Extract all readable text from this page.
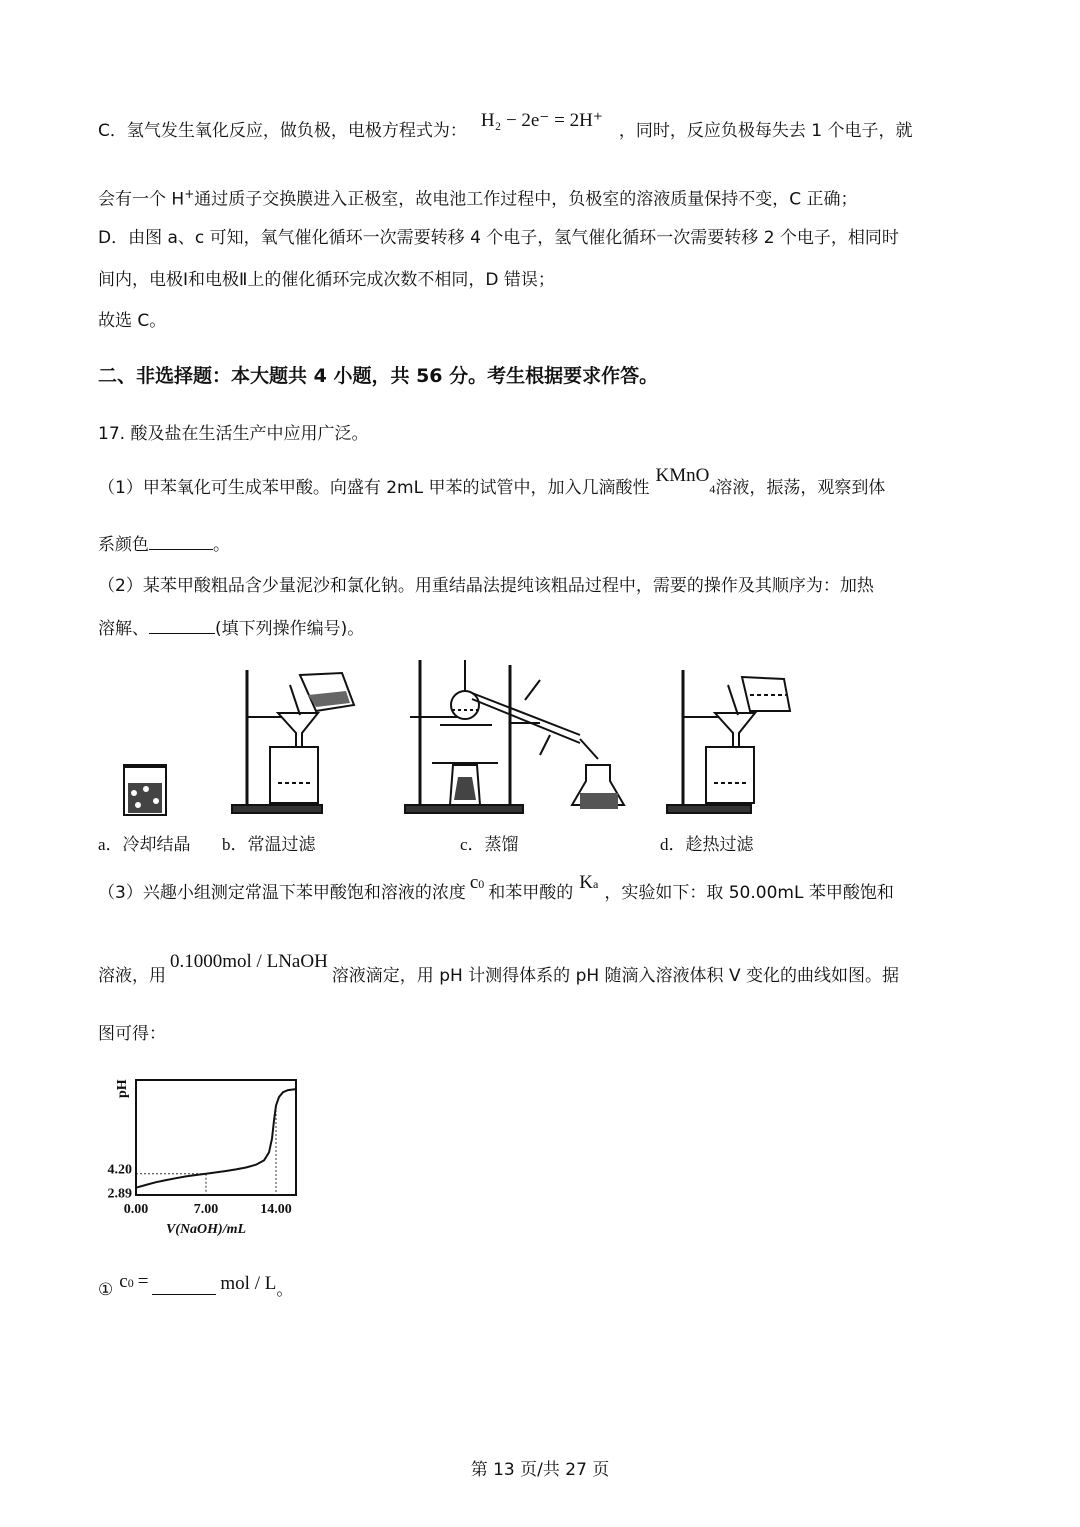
C．氢气发生氧化反应，做负极，电极方程式为： H₂ − 2e⁻ = 2H⁺ ，同时，反应负极每失去 1 个电子，就
会有一个 H+通过质子交换膜进入正极室，故电池工作过程中，负极室的溶液质量保持不变，C 正确；
D．由图 a、c 可知，氧气催化循环一次需要转移 4 个电子，氢气催化循环一次需要转移 2 个电子，相同时
间内，电极Ⅰ和电极Ⅱ上的催化循环完成次数不相同，D 错误；
故选 C。
二、非选择题：本大题共 4 小题，共 56 分。考生根据要求作答。
17. 酸及盐在生活生产中应用广泛。
（1）甲苯氧化可生成苯甲酸。向盛有 2mL 甲苯的试管中，加入几滴酸性KMnO$_4$溶液，振荡，观察到体
系颜色	。
（2）某苯甲酸粗品含少量泥沙和氯化钠。用重结晶法提纯该粗品过程中，需要的操作及其顺序为：加热
溶解、	(填下列操作编号)。
a．冷却结晶 b．常温过滤	c．蒸馏	d．趁热过滤
（3）兴趣小组测定常温下苯甲酸饱和溶液的浓度 c0 和苯甲酸的 Ka ，实验如下：取 50.00mL 苯甲酸饱和
溶液，用0.1000mol / LNaOH溶液滴定，用 pH 计测得体系的 pH 随滴入溶液体积 V 变化的曲线如图。据
图可得：
4.20
2.89
0.00	7.00	14.00
pH
V(NaOH)/mL
① c0 =	mol / L。
第 13 页/共 27 页
